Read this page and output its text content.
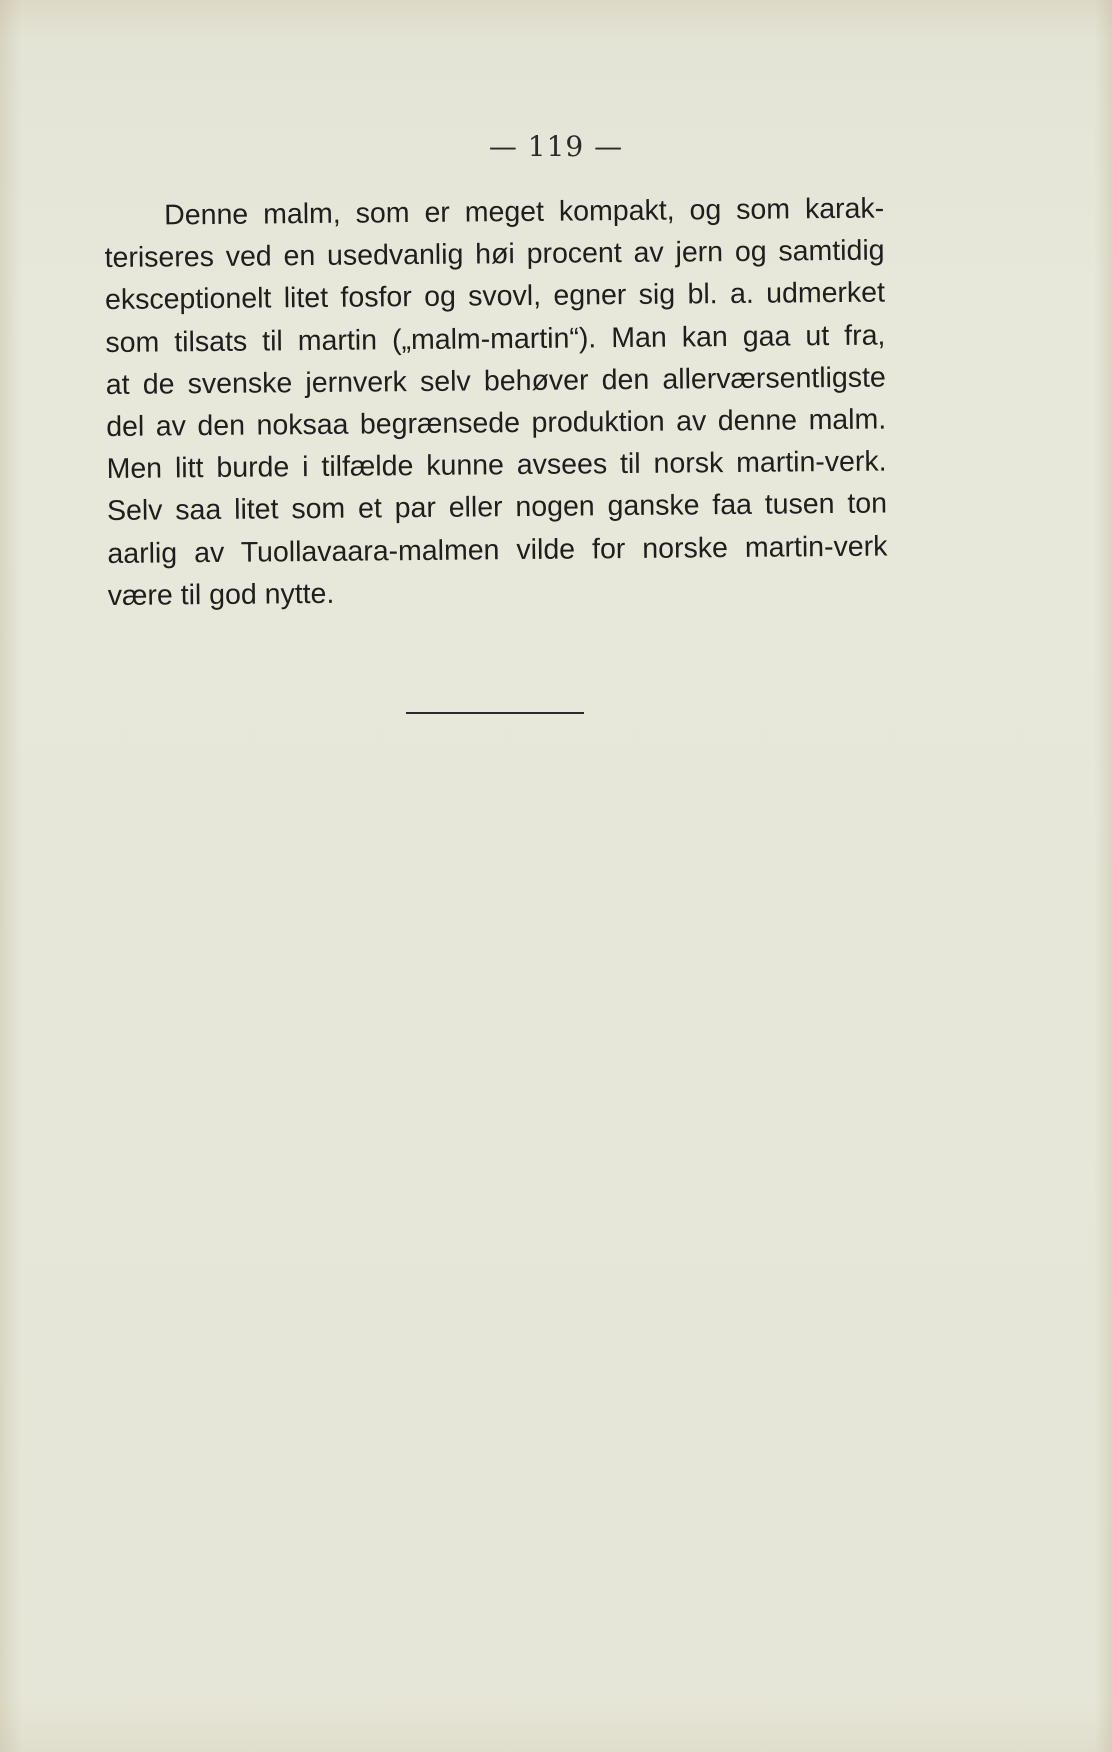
— 119 —
Denne malm, som er meget kompakt, og som karak-
teriseres ved en usedvanlig høi procent av jern og samtidig
eksceptionelt litet fosfor og svovl, egner sig bl. a. udmerket
som tilsats til martin („malm-martin“). Man kan gaa ut fra,
at de svenske jernverk selv behøver den allerværsentligste
del av den noksaa begrænsede produktion av denne malm.
Men litt burde i tilfælde kunne avsees til norsk martin-verk.
Selv saa litet som et par eller nogen ganske faa tusen ton
aarlig av Tuollavaara-malmen vilde for norske martin-verk
være til god nytte.
